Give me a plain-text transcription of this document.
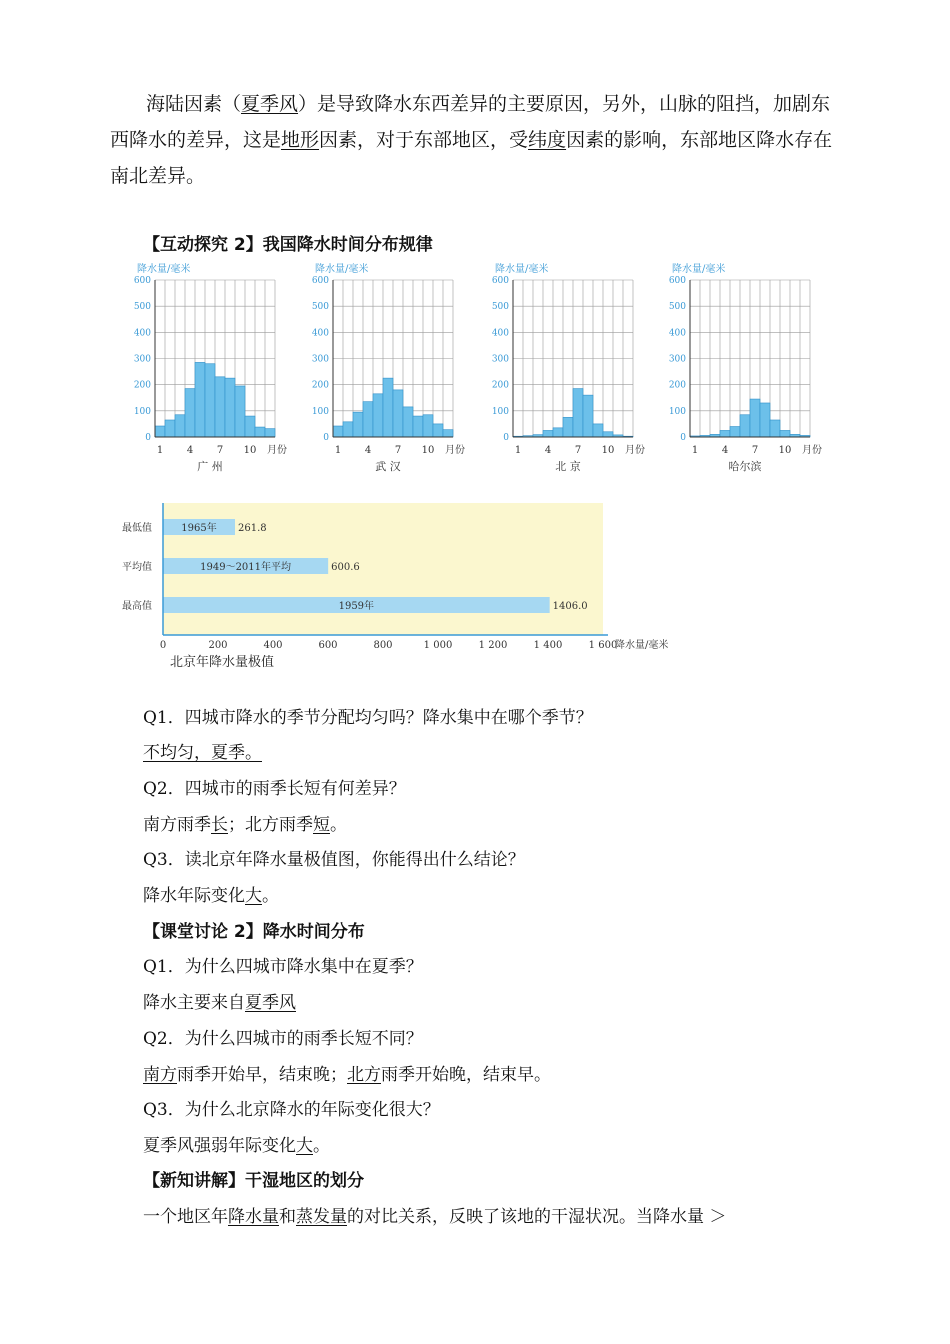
海陆因素（夏季风）是导致降水东西差异的主要原因，另外，山脉的阻挡，加剧东
西降水的差异，这是地形因素，对于东部地区，受纬度因素的影响，东部地区降水存在
南北差异。
【互动探究 2】我国降水时间分布规律
0
100
200
300
400
500
600
降水量/毫米
1 4 7 10 月份
广 州
0
100
200
300
400
500
600
降水量/毫米
1 4 7 10 月份
武 汉
0
100
200
300
400
500
600
降水量/毫米
1 4 7 10 月份
北 京
0
100
200
300
400
500
600
降水量/毫米
1 4 7 10 月份
哈尔滨
最低值	1965年 261.8
平均值	1949～2011年平均	600.6
最高值	1959年	1406.0
0	200	400	600	800	1 000	1 200	1 400	1 600
降水量/毫米
北京年降水量极值
Q1．四城市降水的季节分配均匀吗？降水集中在哪个季节？
不均匀，夏季。
Q2．四城市的雨季长短有何差异？
南方雨季长；北方雨季短。
Q3．读北京年降水量极值图，你能得出什么结论？
降水年际变化大。
【课堂讨论 2】降水时间分布
Q1．为什么四城市降水集中在夏季？
降水主要来自夏季风
Q2．为什么四城市的雨季长短不同？
南方雨季开始早，结束晚；北方雨季开始晚，结束早。
Q3．为什么北京降水的年际变化很大？
夏季风强弱年际变化大。
【新知讲解】干湿地区的划分
一个地区年降水量和蒸发量的对比关系，反映了该地的干湿状况。当降水量 ＞
